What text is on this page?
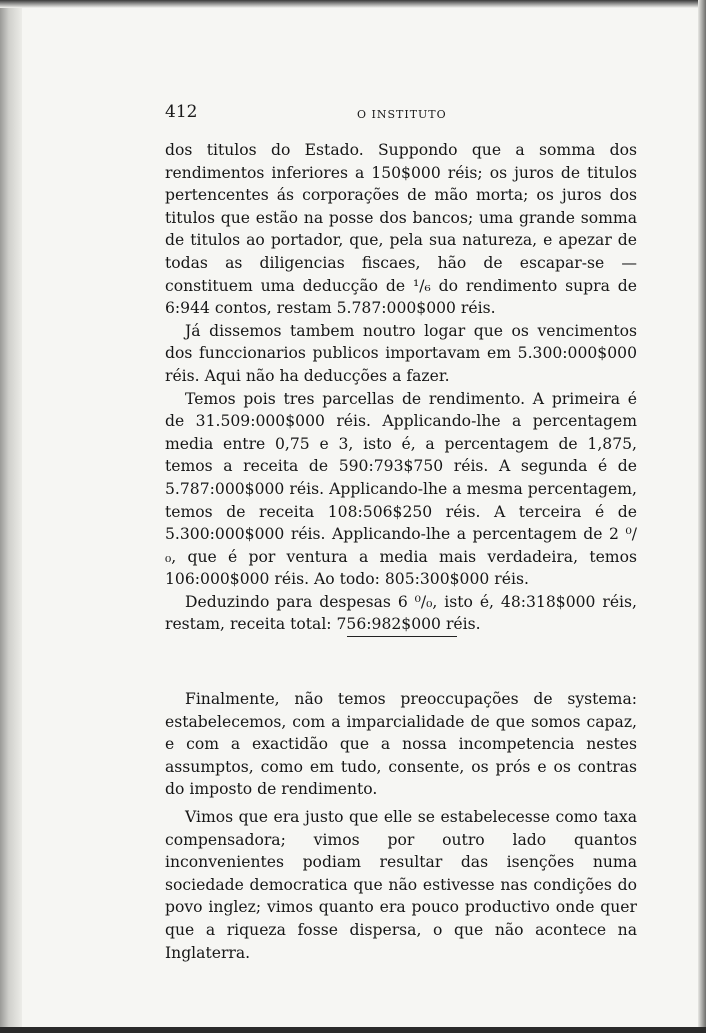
412	O INSTITUTO

dos titulos do Estado. Suppondo que a somma dos rendimentos inferiores a 150$000 réis; os juros de titulos pertencentes ás corporações de mão morta; os juros dos titulos que estão na posse dos bancos; uma grande somma de titulos ao portador, que, pela sua natureza, e apezar de todas as diligencias fiscaes, hão de escapar-se — constituem uma deducção de ¹/₆ do rendimento supra de 6:944 contos, restam 5.787:000$000 réis.

Já dissemos tambem noutro logar que os vencimentos dos funccionarios publicos importavam em 5.300:000$000 réis. Aqui não ha deducções a fazer.

Temos pois tres parcellas de rendimento. A primeira é de 31.509:000$000 réis. Applicando-lhe a percentagem media entre 0,75 e 3, isto é, a percentagem de 1,875, temos a receita de 590:793$750 réis. A segunda é de 5.787:000$000 réis. Applicando-lhe a mesma percentagem, temos de receita 108:506$250 réis. A terceira é de 5.300:000$000 réis. Applicando-lhe a percentagem de 2 ⁰/₀, que é por ventura a media mais verdadeira, temos 106:000$000 réis. Ao todo: 805:300$000 réis.

Deduzindo para despesas 6 ⁰/₀, isto é, 48:318$000 réis, restam, receita total: 756:982$000 réis.

Finalmente, não temos preoccupações de systema: estabelecemos, com a imparcialidade de que somos capaz, e com a exactidão que a nossa incompetencia nestes assumptos, como em tudo, consente, os prós e os contras do imposto de rendimento.

Vimos que era justo que elle se estabelecesse como taxa compensadora; vimos por outro lado quantos inconvenientes podiam resultar das isenções numa sociedade democratica que não estivesse nas condições do povo inglez; vimos quanto era pouco productivo onde quer que a riqueza fosse dispersa, o que não acontece na Inglaterra.
